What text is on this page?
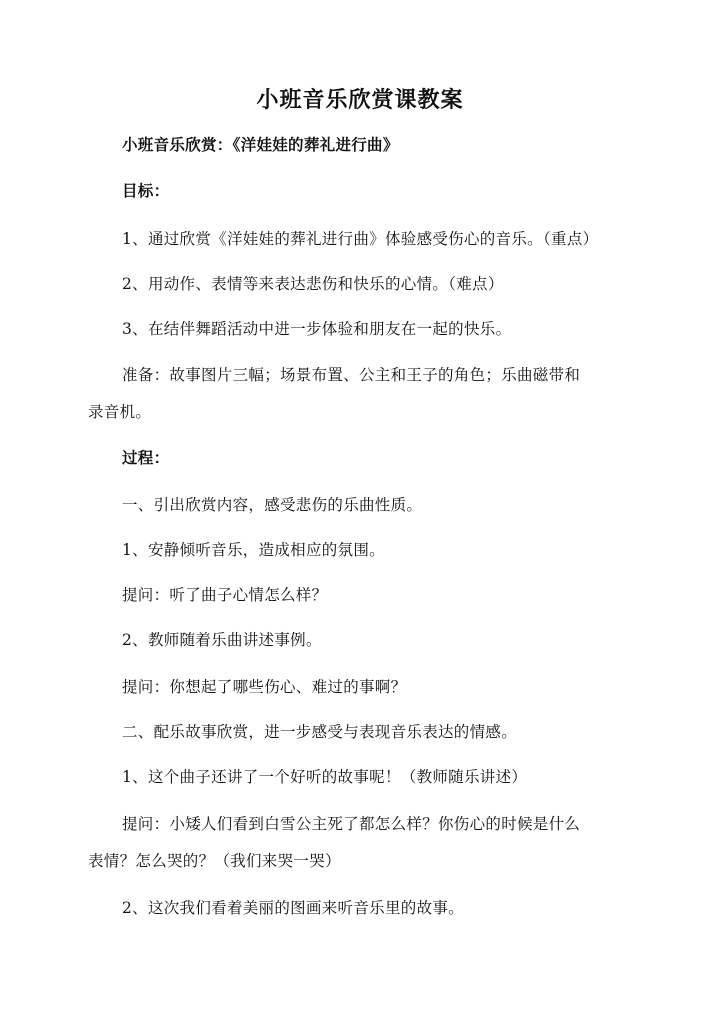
小班音乐欣赏课教案
小班音乐欣赏：《洋娃娃的葬礼进行曲》
目标：
1、通过欣赏《洋娃娃的葬礼进行曲》体验感受伤心的音乐。（重点）
2、用动作、表情等来表达悲伤和快乐的心情。（难点）
3、在结伴舞蹈活动中进一步体验和朋友在一起的快乐。
准备：故事图片三幅；场景布置、公主和王子的角色；乐曲磁带和
录音机。
过程：
一、引出欣赏内容，感受悲伤的乐曲性质。
1、安静倾听音乐，造成相应的氛围。
提问：听了曲子心情怎么样？
2、教师随着乐曲讲述事例。
提问：你想起了哪些伤心、难过的事啊？
二、配乐故事欣赏，进一步感受与表现音乐表达的情感。
1、这个曲子还讲了一个好听的故事呢！（教师随乐讲述）
提问：小矮人们看到白雪公主死了都怎么样？你伤心的时候是什么
表情？怎么哭的？（我们来哭一哭）
2、这次我们看着美丽的图画来听音乐里的故事。
